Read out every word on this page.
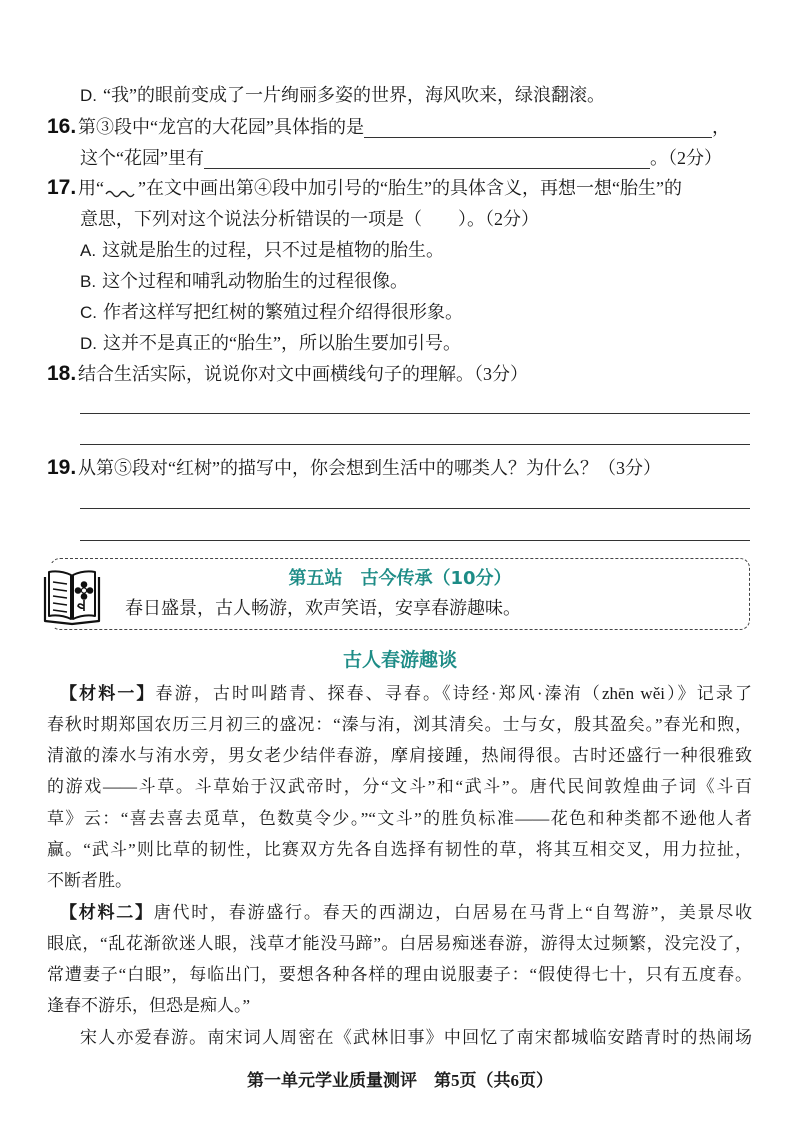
D. “我”的眼前变成了一片绚丽多姿的世界，海风吹来，绿浪翻滚。
16.第③段中“龙宫的大花园”具体指的是	，
这个“花园”里有	。（2分）
17.用“ ”在文中画出第④段中加引号的“胎生”的具体含义，再想一想“胎生”的
意思，下列对这个说法分析错误的一项是（　　）。（2分）
A. 这就是胎生的过程，只不过是植物的胎生。
B. 这个过程和哺乳动物胎生的过程很像。
C. 作者这样写把红树的繁殖过程介绍得很形象。
D. 这并不是真正的“胎生”，所以胎生要加引号。
18.结合生活实际，说说你对文中画横线句子的理解。（3分）
19.从第⑤段对“红树”的描写中，你会想到生活中的哪类人？为什么？（3分）
第五站　古今传承（10分）
春日盛景，古人畅游，欢声笑语，安享春游趣味。
古人春游趣谈
【材料一】春游，古时叫踏青、探春、寻春。《诗经·郑风·溱洧（zhēn wěi）》记录了
春秋时期郑国农历三月初三的盛况：“溱与洧，浏其清矣。士与女，殷其盈矣。”春光和煦，
清澈的溱水与洧水旁，男女老少结伴春游，摩肩接踵，热闹得很。古时还盛行一种很雅致
的游戏——斗草。斗草始于汉武帝时，分“文斗”和“武斗”。唐代民间敦煌曲子词《斗百
草》云：“喜去喜去觅草，色数莫令少。”“文斗”的胜负标准——花色和种类都不逊他人者
赢。“武斗”则比草的韧性，比赛双方先各自选择有韧性的草，将其互相交叉，用力拉扯，
不断者胜。
【材料二】唐代时，春游盛行。春天的西湖边，白居易在马背上“自驾游”，美景尽收
眼底，“乱花渐欲迷人眼，浅草才能没马蹄”。白居易痴迷春游，游得太过频繁，没完没了，
常遭妻子“白眼”，每临出门，要想各种各样的理由说服妻子：“假使得七十，只有五度春。
逢春不游乐，但恐是痴人。”
宋人亦爱春游。南宋词人周密在《武林旧事》中回忆了南宋都城临安踏青时的热闹场
第一单元学业质量测评　第5页（共6页）
